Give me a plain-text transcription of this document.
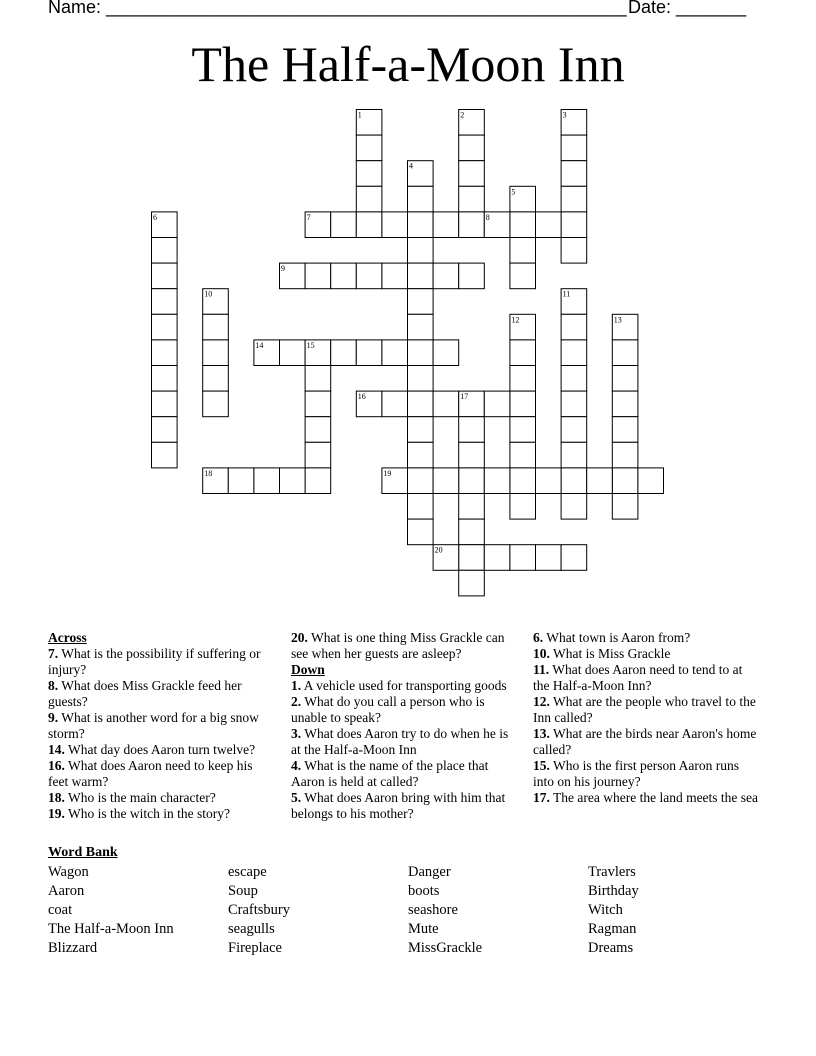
Name: ____________________________________________________ Date: _______
The Half-a-Moon Inn
1	2	3
4
5
6	7	8
9
10	11
12	13
14	15
16	17
18	19
20
Across
7. What is the possibility if suffering or injury?
8. What does Miss Grackle feed her guests?
9. What is another word for a big snow storm?
14. What day does Aaron turn twelve?
16. What does Aaron need to keep his feet warm?
18. Who is the main character?
19. Who is the witch in the story?
20. What is one thing Miss Grackle can see when her guests are asleep?
Down
1. A vehicle used for transporting goods
2. What do you call a person who is unable to speak?
3. What does Aaron try to do when he is at the Half-a-Moon Inn
4. What is the name of the place that Aaron is held at called?
5. What does Aaron bring with him that belongs to his mother?
6. What town is Aaron from?
10. What is Miss Grackle
11. What does Aaron need to tend to at the Half-a-Moon Inn?
12. What are the people who travel to the Inn called?
13. What are the birds near Aaron's home called?
15. Who is the first person Aaron runs into on his journey?
17. The area where the land meets the sea
Word Bank
Wagon
Aaron
coat
The Half-a-Moon Inn
Blizzard
escape
Soup
Craftsbury
seagulls
Fireplace
Danger
boots
seashore
Mute
MissGrackle
Travlers
Birthday
Witch
Ragman
Dreams
